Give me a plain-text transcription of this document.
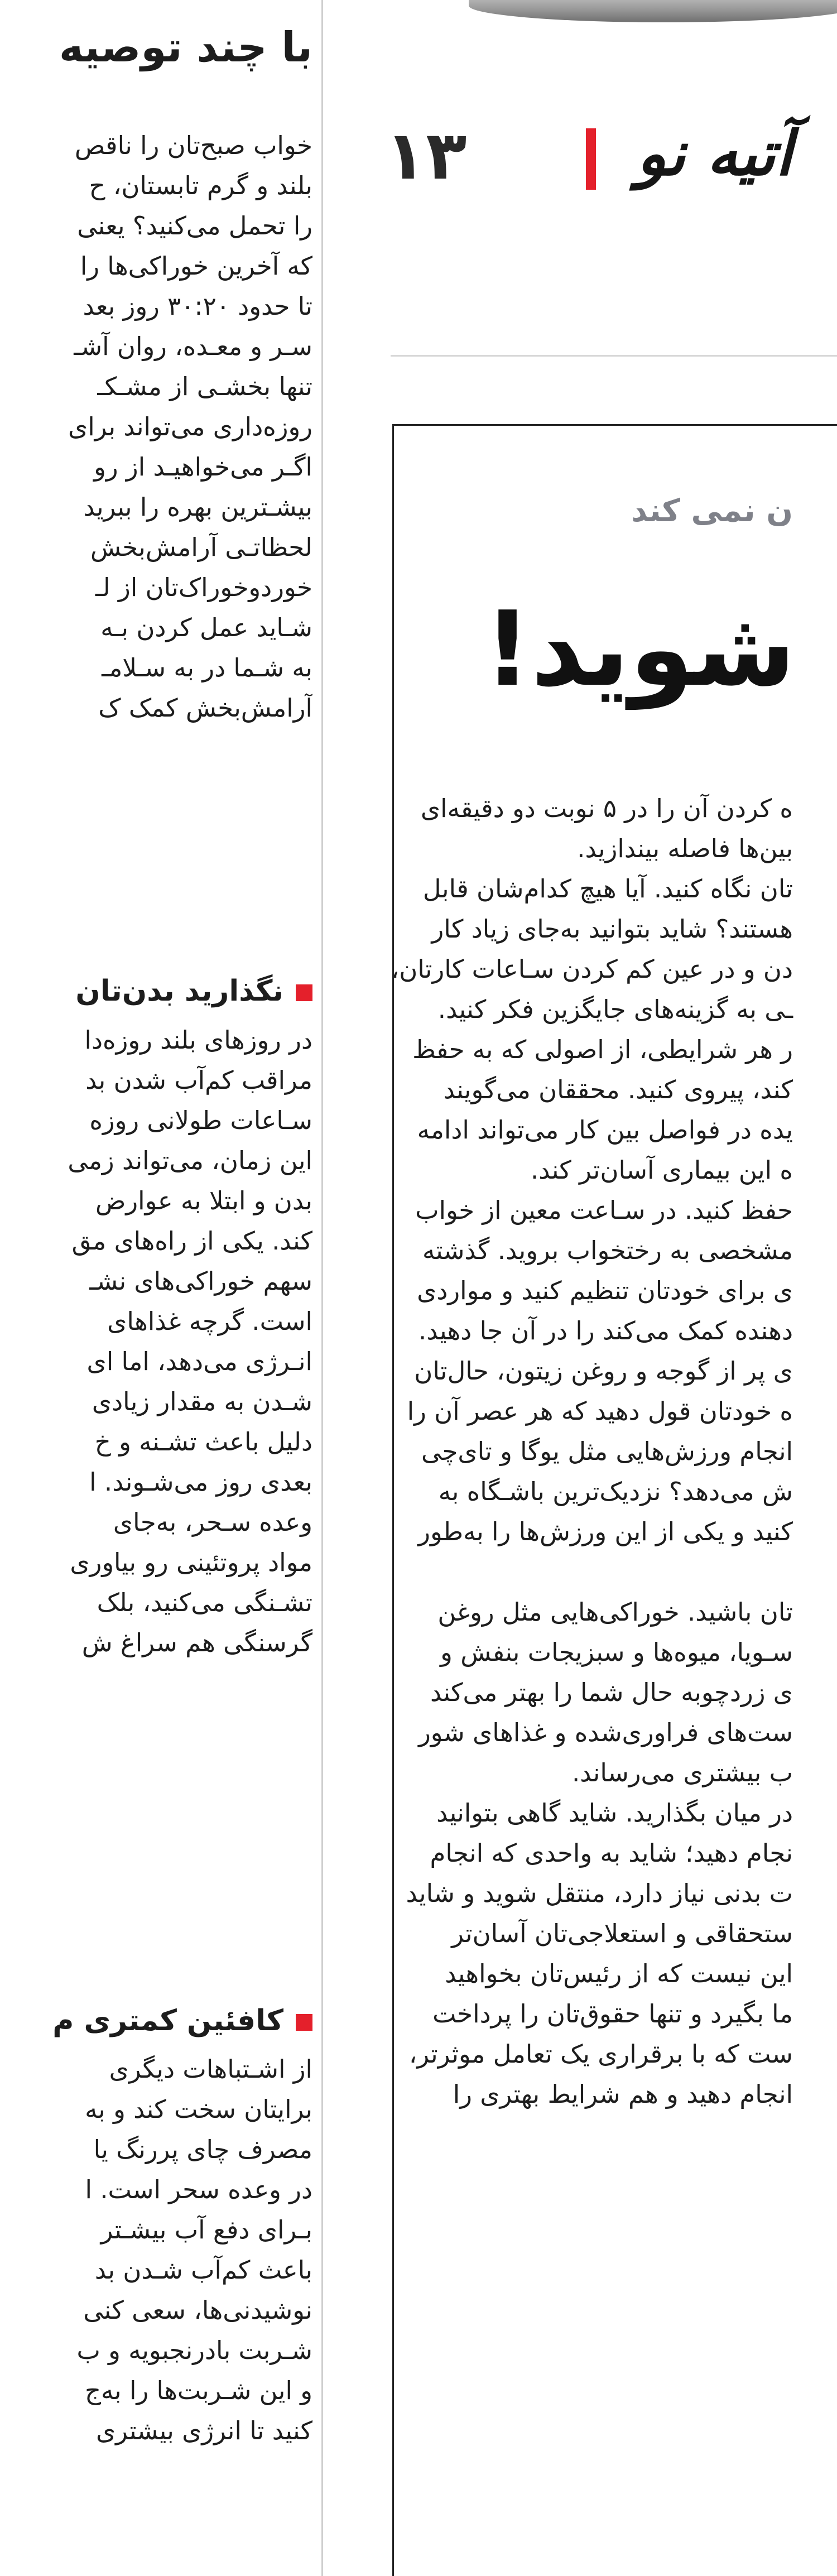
با چند توصیه

خواب صبح‌تان را ناقص

بلند و گرم تابستان، ح

را تحمل می‌کنید؟ یعنی

که آخرین خوراکی‌ها را

تا حدود ۳۰:۲۰ روز بعد

سـر و معـده، روان آشـ

تنها بخشـی از مشـکـ

روزه‌داری می‌تواند برای

اگـر می‌خواهیـد از رو

بیشـترین بهره را ببرید

لحظاتـی آرامش‌بخش

خوردوخوراک‌تان از لـ

شـاید عمل کردن بـه

به شـما در به سـلامـ

آرامش‌بخش کمک ک

نگذارید بدن‌تان

در روزهای بلند روزه‌دا

مراقب کم‌آب شدن بد

سـاعات طولانی روزه

این زمان، می‌تواند زمی

بدن و ابتلا به عوارض

کند. یکی از راه‌های مق

سهم خوراکی‌های نشـ

است. گرچه غذاهای

انـرژی می‌دهد، اما ای

شـدن به مقدار زیادی

دلیل باعث تشـنه و خ

بعدی روز می‌شـوند. ا

وعده سـحر، به‌جای

مواد پروتئینی رو بیاوری

تشـنگی می‌کنید، بلک

گرسنگی هم سراغ ش

کافئین کمتری م

از اشـتباهات دیگری

برایتان سخت کند و به

مصرف چای پررنگ یا

در وعده سحر است. ا

بـرای دفع آب بیشـتر

باعث کم‌آب شـدن بد

نوشیدنی‌ها، سعی کنی

شـربت بادرنجبویه و ب

و این شـربت‌ها را به‌ج

کنید تا انرژی بیشتری

۱۳	آتیه نو
ن نمی کند
شوید!

ه کردن آن را در ۵ نوبت دو دقیقه‌ای

بین‌ها فاصله بیندازید.

تان نگاه کنید. آیا هیچ کدام‌شان قابل

هستند؟ شاید بتوانید به‌جای زیاد کار

دن و در عین کم کردن سـاعات کارتان،

ـی به گزینه‌های جایگزین فکر کنید.

ر هر شرایطی، از اصولی که به حفظ

کند، پیروی کنید. محققان می‌گویند

یده در فواصل بین کار می‌تواند ادامه

ه این بیماری آسان‌تر کند.

حفظ کنید. در سـاعت معین از خواب

مشخصی به رختخواب بروید. گذشته

ی برای خودتان تنظیم کنید و مواردی

دهنده کمک می‌کند را در آن جا دهید.

ی پر از گوجه و روغن زیتون، حال‌تان

ه خودتان قول دهید که هر عصر آن را

انجام ورزش‌هایی مثل یوگا و تای‌چی

ش می‌دهد؟ نزدیک‌ترین باشـگاه به

کنید و یکی از این ورزش‌ها را به‌طور

تان باشید. خوراکی‌هایی مثل روغن

سـویا، میوه‌ها و سبزیجات بنفش و

ی زردچوبه حال شما را بهتر می‌کند

ست‌های فراوری‌شده و غذاهای شور

ب بیشتری می‌رساند.

در میان بگذارید. شاید گاهی بتوانید

نجام دهید؛ شاید به واحدی که انجام

ت بدنی نیاز دارد، منتقل شوید و شاید

ستحقاقی و استعلاجی‌تان آسان‌تر

این نیست که از رئیس‌تان بخواهید

ما بگیرد و تنها حقوق‌تان را پرداخت

ست که با برقراری یک تعامل موثرتر،

انجام دهید و هم شرایط بهتری را
